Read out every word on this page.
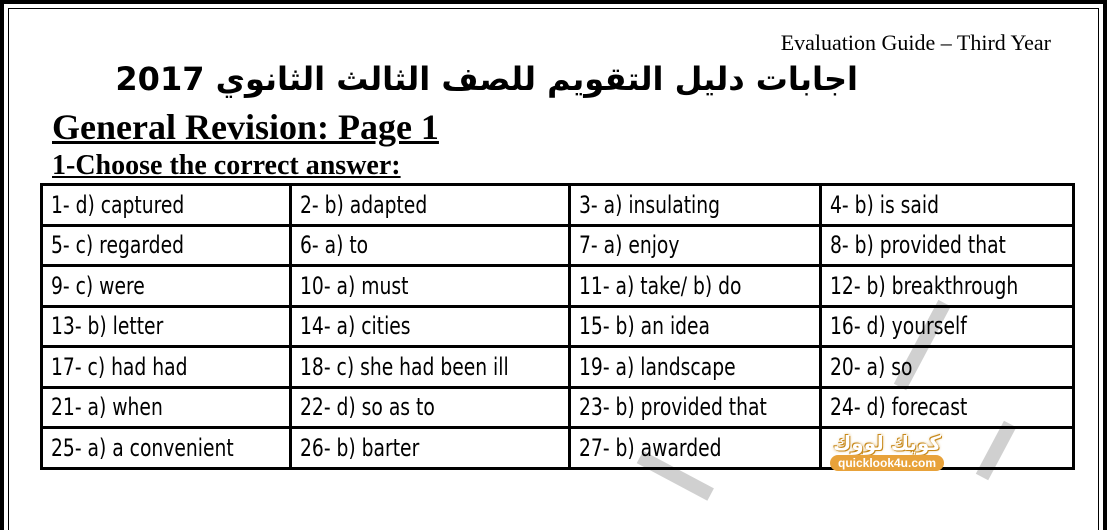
Evaluation Guide – Third Year
اجابات دليل التقويم للصف الثالث الثانوي 2017
General Revision: Page 1
1-Choose the correct answer:
1- d) captured	2- b) adapted	3- a) insulating	4- b) is said
5- c) regarded	6- a) to	7- a) enjoy	8- b) provided that
9- c) were	10- a) must	11- a) take/ b) do	12- b) breakthrough
13- b) letter	14- a) cities	15- b) an idea	16- d) yourself
17- c) had had	18- c) she had been ill	19- a) landscape	20- a) so
21- a) when	22- d) so as to	23- b) provided that	24- d) forecast
25- a) a convenient	26- b) barter	27- b) awarded		كويك لووك
quicklook4u.com
